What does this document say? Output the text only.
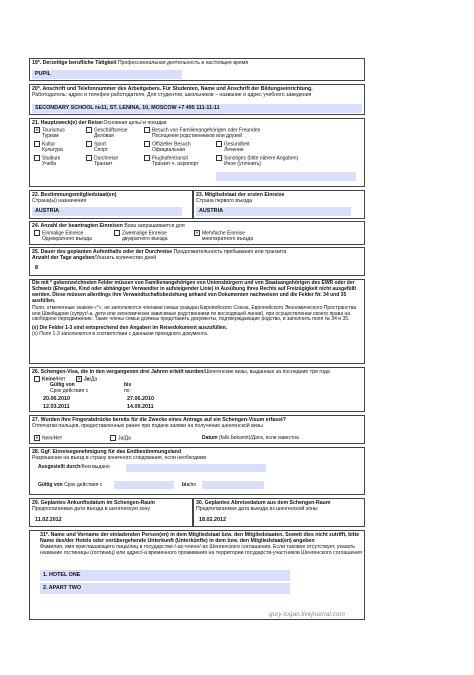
19*. Derzeitige berufliche Tätigkeit Профессиональная деятельность в настоящее время
PUPIL
20*. Anschrift und Telefonnummer des Arbeitgebers. Für Studenten, Name und Anschrift der Bildungseinrichtung.
Работодатель: адрес и телефон работодателя. Для студентов, школьников – название и адрес учебного заведения
SECONDARY SCHOOL №11, ST. LENINA, 10, MOSCOW +7 495 111-11-11
21. Hauptzweck(e) der Reise:Основная цель/-и поездки
✕ Tourismus
Туризм
Geschäftsreise
Деловая
Besuch von Familienangehörigen oder Freunden
Посещение родственников или друзей
Kultur
Культура
Sport
Спорт
Offizieller Besuch
Официальная
Gesundheit
Лечение
Studium
Учеба
Durchreise
Транзит
Flughafentransit
Транзит ч. аэропорт
Sonstiges (bitte nähere Angaben)
Иное (уточнить)
22. Bestimmungsmitgliedstaat(en)
Страна(ы) назначения
AUSTRIA
23. Mitgliedstaat der ersten Einreise
Страна первого въезда
AUSTRIA
24. Anzahl der beantragten Einreisen Виза запрашивается для
Einmalige Einreise
Однократного въезда
Zweimalige Einreise
двукратного въезда
✕ Mehrfache Einreise
многократного въезда
25. Dauer des geplanten Aufenthalts oder der Durchreise Продолжительность пребывания или транзита
Anzahl der Tage angeben/Указать количество дней
8
Die mit * gekennzeichneten Felder müssen von Familienangehörigen von Unionsbürgern und von Staatsangehörigen des EWR oder der Schweiz (Ehegatte, Kind oder abhängiger Verwandter in aufsteigender Linie) in Ausübung ihres Rechts auf Freizügigkeit nicht ausgefüllt werden. Diese müssen allerdings ihre Verwandtschaftsbeziehung anhand von Dokumenten nachweisen und die Felder Nr. 34 und 35 ausfüllen.

Поля, отмеченные знаком «*», не заполняются членами семьи граждан Европейского Союза, Европейского Экономического Пространства или Швейцарии (супруг/-а, дети или экономически зависимые родственники по восходящей линии), при осуществлении своего права на свободное передвижение. Такие члены семьи должны представить документы, подтверждающие родство, и заполнить поля № 34 и 35.
(x) Die Felder 1-3 sind entsprechend den Angaben im Reisedokument auszufüllen.
(x) Поля 1-3 заполняются в соответствии с данными проездного документа.
26. Schengen-Visa, die in den vergangenen drei Jahren erteilt wurden/Шенгенские визы, выданные за последние три года
Keine/Нет	✕ Ja/Да
Gültig von
Срок действия с
bis
по
20.06.2010	27.06.2010
12.03.2011	14.09.2011
27. Wurden Ihre Fingerabdrücke bereits für die Zwecke eines Antrags auf ein Schengen-Visum erfasst?
Отпечатки пальцев, предоставленные ранее при подаче заявки на получение шенгенской визы
✕ Nein/Нет	Ja/Да	Datum (falls bekannt)/Дата, если известна
28. Ggf. Einreisegenehmigung für das Endbestimmungsland
Разрешение на въезд в страну конечного следования, если необходимо
Ausgestellt durch/Кем выдано
Gültig von Срок действия с	bis/по
29. Geplantes Ankunftsdatum im Schengen-Raum
Предполагаемая дата въезда в шенгенскую зону
11.02.2012
30. Geplantes Abreisedatum aus dem Schengen-Raum
Предполагаемая дата выезда из шенгенской зоны
18.02.2012
31*. Name und Vorname der einladenden Person(en) in dem Mitgliedstaat bzw. den Mitgliedstaaten. Soweit dies nicht zutrifft, bitte Name des/der Hotels oder vorübergehende Unterkunft (Unterkünfte) in dem bzw. den Mitgliedstaat(en) angeben
Фамилия, имя приглашающего лица/лиц в государстве-/-ах-члене/-ах Шенгенского соглашения. Если таковое отсутствует, указать название гостиницы (гостиниц) или адрес/-а временного проживания на территории государств-участников Шенгенского соглашения
1. HOTEL ONE
2. APART TWO
gury-logan.livejournal.com
